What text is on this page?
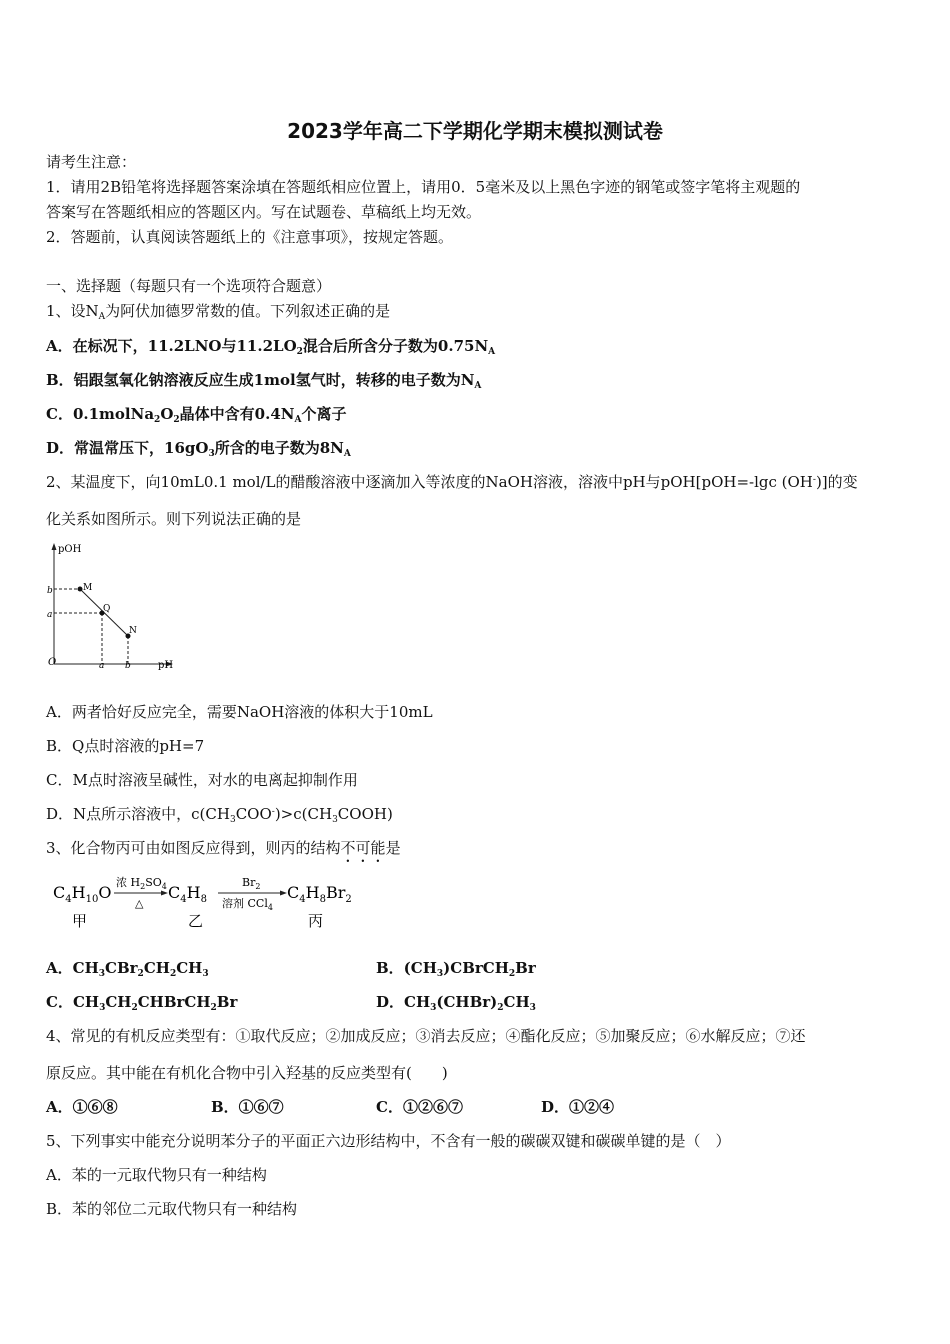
2023学年高二下学期化学期末模拟测试卷
请考生注意：
1．请用2B铅笔将选择题答案涂填在答题纸相应位置上，请用0．5毫米及以上黑色字迹的钢笔或签字笔将主观题的
答案写在答题纸相应的答题区内。写在试题卷、草稿纸上均无效。
2．答题前，认真阅读答题纸上的《注意事项》，按规定答题。
一、选择题（每题只有一个选项符合题意）
1、设$N_A$为阿伏加德罗常数的值。下列叙述正确的是
A．在标况下，11.2LNO与$11.2LO_2$混合后所含分子数为$0.75N_A$
B．铝跟氢氧化钠溶液反应生成1mol氢气时，转移的电子数为$N_A$
C．$0.1molNa_2O_2$晶体中含有$0.4N_A$个离子
D．常温常压下，$16gO_3$所含的电子数为$8N_A$
2、某温度下，向10mL0.1 mol/L的醋酸溶液中逐滴加入等浓度的NaOH溶液，溶液中pH与pOH[pOH=-lgc (OH-)]的变
化关系如图所示。则下列说法正确的是
pOH
pH
O
b
a
a b
M
Q
N
A．两者恰好反应完全，需要NaOH溶液的体积大于10mL
B．Q点时溶液的pH=7
C．M点时溶液呈碱性，对水的电离起抑制作用
D．N点所示溶液中，$c(CH_3COO^-)>c(CH_3COOH)$
3、化合物丙可由如图反应得到，则丙的结构不可能是
$C_4H_{10}O$
浓 $H_2SO_4$
△
$C_4H_8$
$Br_2$
溶剂 CCl$_4$
$C_4H_8Br_2$
甲	乙	丙
A．$CH_3CBr_2CH_2CH_3$	B．$(CH_3)CBrCH_2Br$
C．$CH_3CH_2CHBrCH_2Br$	D．$CH_3(CHBr)_2CH_3$
4、常见的有机反应类型有：①取代反应；②加成反应；③消去反应；④酯化反应；⑤加聚反应；⑥水解反应；⑦还
原反应。其中能在有机化合物中引入羟基的反应类型有(　　)
A．①⑥⑧	B．①⑥⑦	C．①②⑥⑦	D．①②④
5、下列事实中能充分说明苯分子的平面正六边形结构中，不含有一般的碳碳双键和碳碳单键的是（　）
A．苯的一元取代物只有一种结构
B．苯的邻位二元取代物只有一种结构
